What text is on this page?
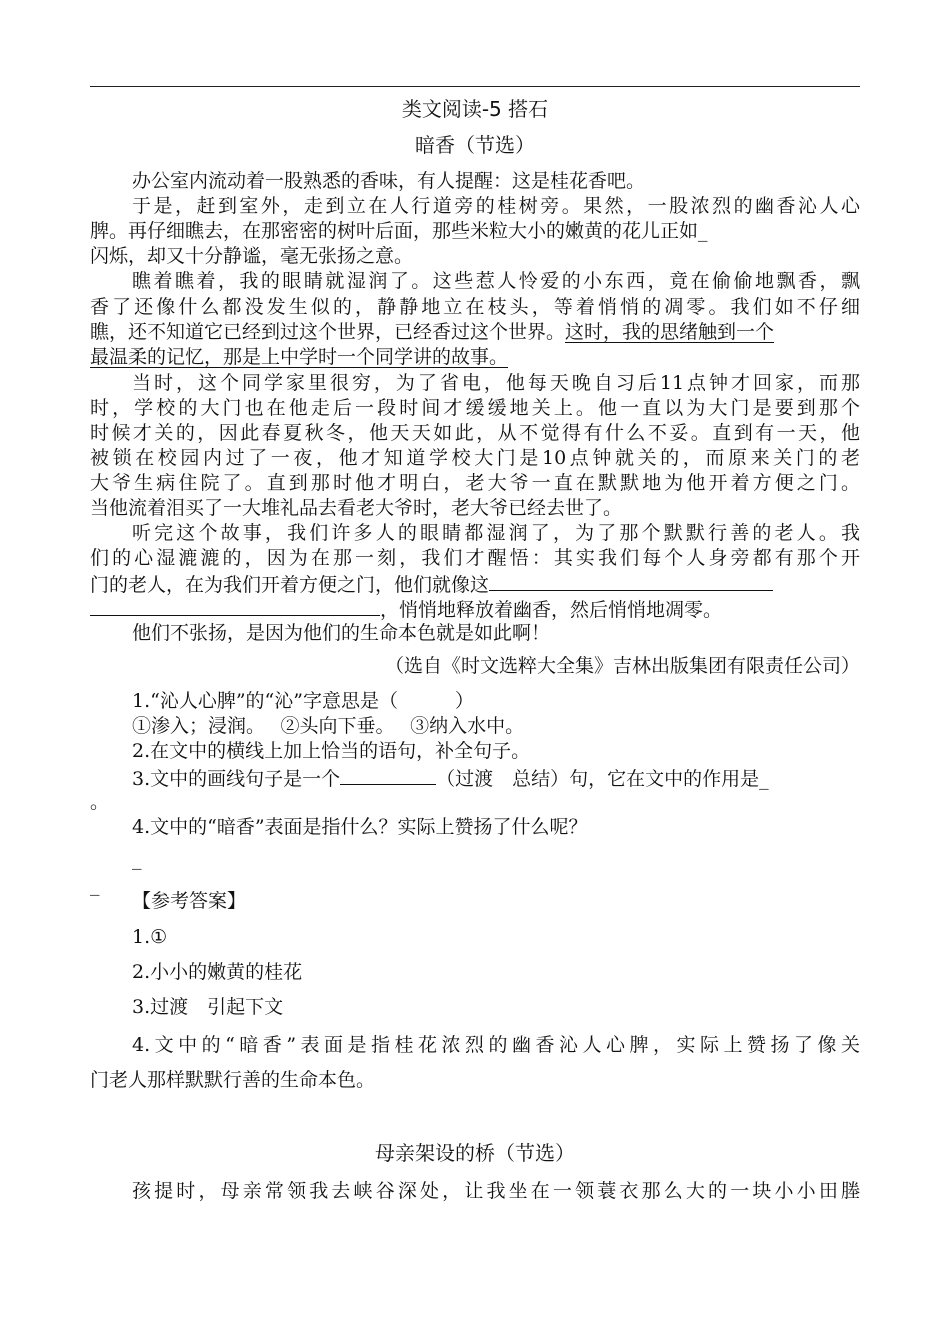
类文阅读-5 搭石
暗香（节选）
办公室内流动着一股熟悉的香味，有人提醒：这是桂花香吧。
于是，赶到室外，走到立在人行道旁的桂树旁。果然，一股浓烈的幽香沁人心
脾。再仔细瞧去，在那密密的树叶后面，那些米粒大小的嫩黄的花儿正如_
闪烁，却又十分静谧，毫无张扬之意。
瞧着瞧着，我的眼睛就湿润了。这些惹人怜爱的小东西，竟在偷偷地飘香，飘
香了还像什么都没发生似的，静静地立在枝头，等着悄悄的凋零。我们如不仔细
瞧，还不知道它已经到过这个世界，已经香过这个世界。这时，我的思绪触到一个
最温柔的记忆，那是上中学时一个同学讲的故事。
当时，这个同学家里很穷，为了省电，他每天晚自习后11点钟才回家，而那
时，学校的大门也在他走后一段时间才缓缓地关上。他一直以为大门是要到那个
时候才关的，因此春夏秋冬，他天天如此，从不觉得有什么不妥。直到有一天，他
被锁在校园内过了一夜，他才知道学校大门是10点钟就关的，而原来关门的老
大爷生病住院了。直到那时他才明白，老大爷一直在默默地为他开着方便之门。
当他流着泪买了一大堆礼品去看老大爷时，老大爷已经去世了。
听完这个故事，我们许多人的眼睛都湿润了，为了那个默默行善的老人。我
们的心湿漉漉的，因为在那一刻，我们才醒悟：其实我们每个人身旁都有那个开
门的老人，在为我们开着方便之门，他们就像这
，悄悄地释放着幽香，然后悄悄地凋零。
他们不张扬，是因为他们的生命本色就是如此啊！
（选自《时文选粹大全集》吉林出版集团有限责任公司）
1.“沁人心脾”的“沁”字意思是（　　　）
①渗入；浸润。　 ②头向下垂。　 ③纳入水中。
2.在文中的横线上加上恰当的语句，补全句子。
3.文中的画线句子是一个	（过渡　总结）句，它在文中的作用是_
。
4.文中的“暗香”表面是指什么？实际上赞扬了什么呢？
_
_
【参考答案】
1.①
2.小小的嫩黄的桂花
3.过渡　引起下文
4.文中的“暗香”表面是指桂花浓烈的幽香沁人心脾，实际上赞扬了像关
门老人那样默默行善的生命本色。
母亲架设的桥（节选）
孩提时，母亲常领我去峡谷深处，让我坐在一领蓑衣那么大的一块小小田塍
